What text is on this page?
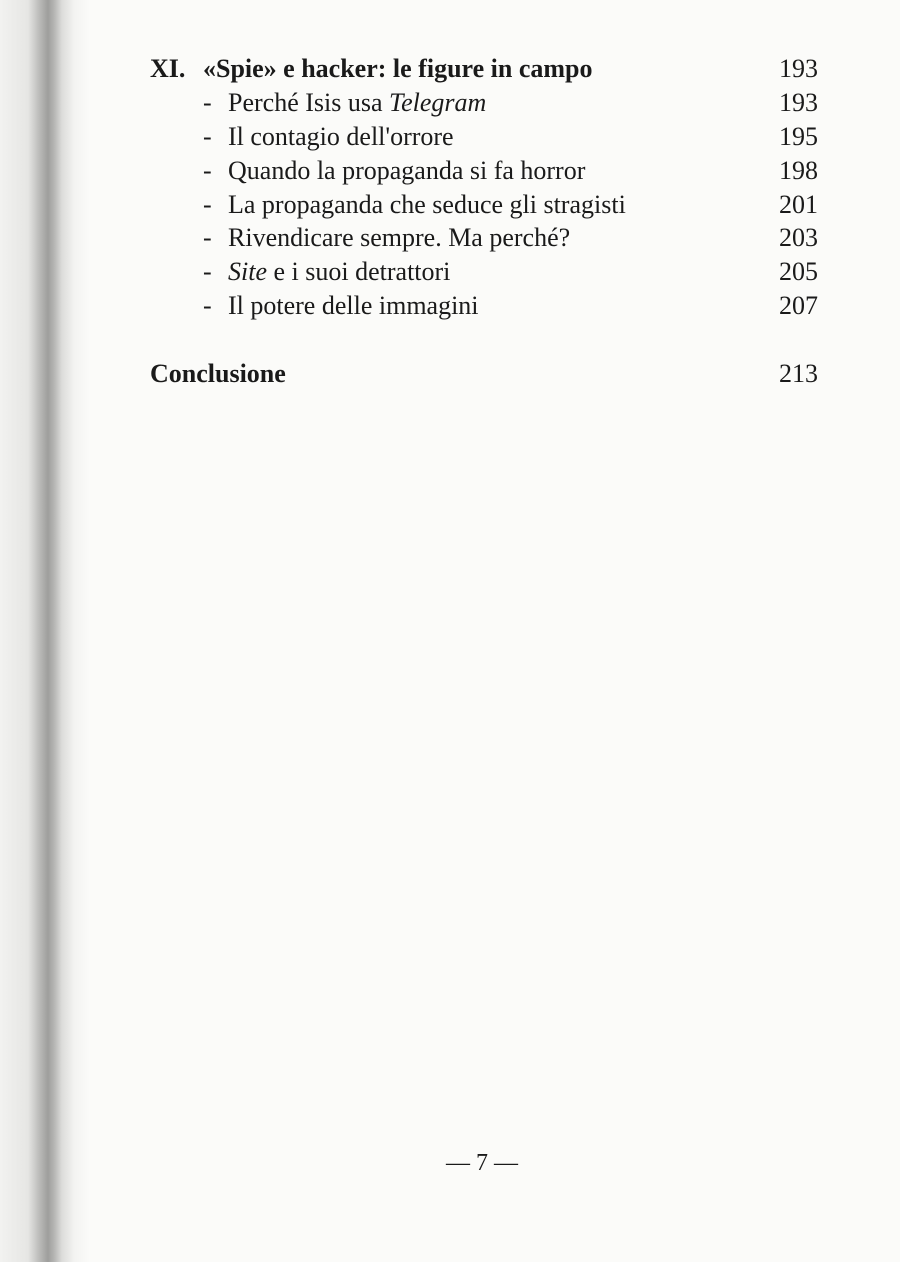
XI. «Spie» e hacker: le figure in campo	193
- Perché Isis usa Telegram	193
- Il contagio dell'orrore	195
- Quando la propaganda si fa horror	198
- La propaganda che seduce gli stragisti	201
- Rivendicare sempre. Ma perché?	203
- Site e i suoi detrattori	205
- Il potere delle immagini	207
Conclusione	213
— 7 —
